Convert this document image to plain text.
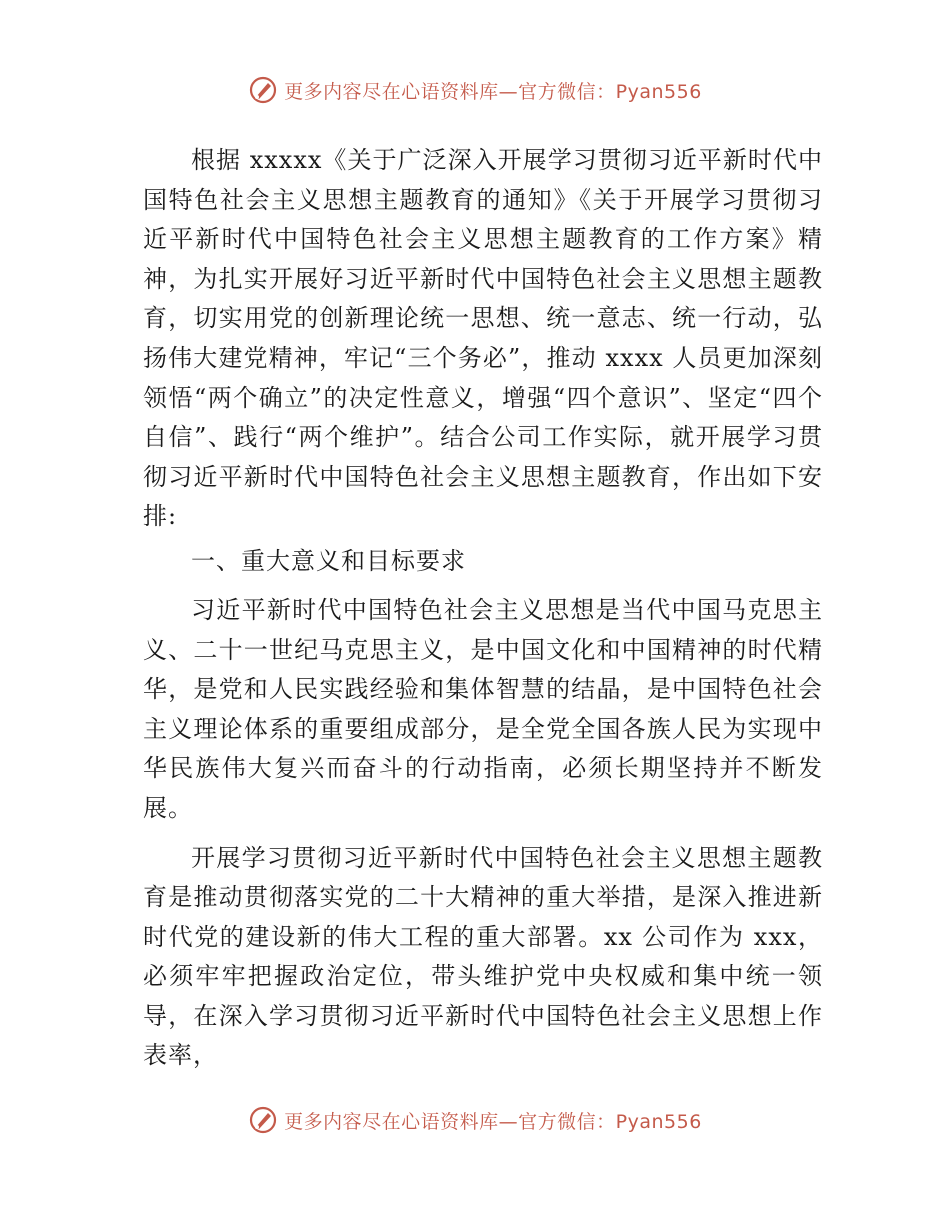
更多内容尽在心语资料库—官方微信：Pyan556

根据 xxxxx《关于广泛深入开展学习贯彻习近平新时代中国特色社会主义思想主题教育的通知》《关于开展学习贯彻习近平新时代中国特色社会主义思想主题教育的工作方案》精神，为扎实开展好习近平新时代中国特色社会主义思想主题教育，切实用党的创新理论统一思想、统一意志、统一行动，弘扬伟大建党精神，牢记“三个务必”，推动 xxxx 人员更加深刻领悟“两个确立”的决定性意义，增强“四个意识”、坚定“四个自信”、践行“两个维护”。结合公司工作实际，就开展学习贯彻习近平新时代中国特色社会主义思想主题教育，作出如下安排:

一、重大意义和目标要求

习近平新时代中国特色社会主义思想是当代中国马克思主义、二十一世纪马克思主义，是中国文化和中国精神的时代精华，是党和人民实践经验和集体智慧的结晶，是中国特色社会主义理论体系的重要组成部分，是全党全国各族人民为实现中华民族伟大复兴而奋斗的行动指南，必须长期坚持并不断发展。

开展学习贯彻习近平新时代中国特色社会主义思想主题教育是推动贯彻落实党的二十大精神的重大举措，是深入推进新时代党的建设新的伟大工程的重大部署。xx 公司作为 xxx，必须牢牢把握政治定位，带头维护党中央权威和集中统一领导，在深入学习贯彻习近平新时代中国特色社会主义思想上作表率，

更多内容尽在心语资料库—官方微信：Pyan556
